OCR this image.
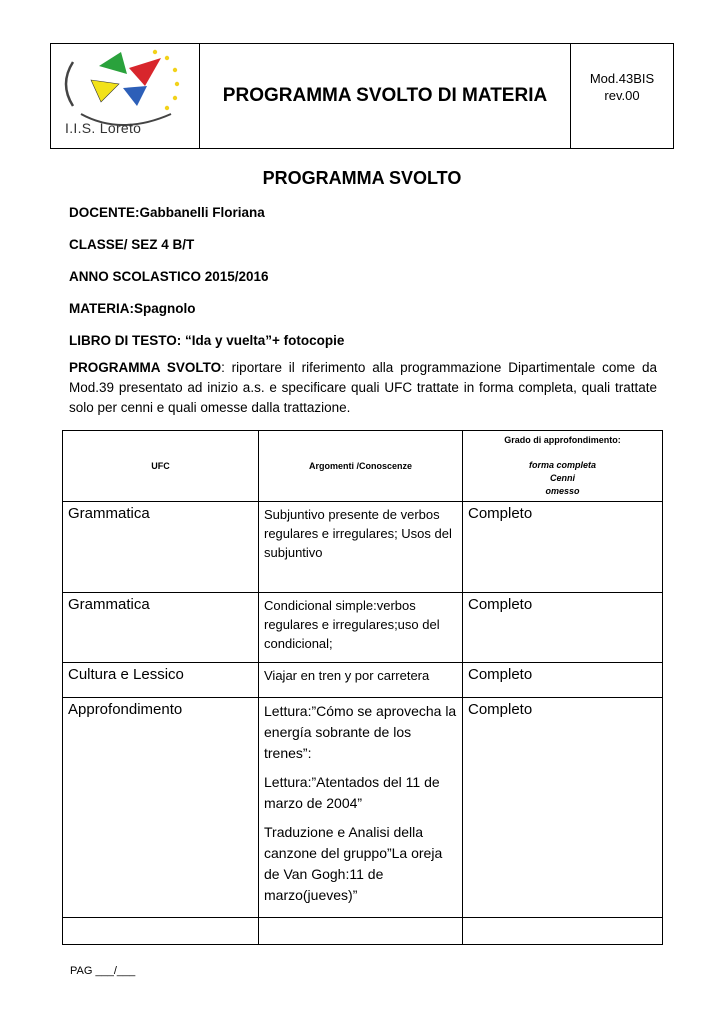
I.I.S. Loreto
PROGRAMMA SVOLTO DI MATERIA
Mod.43BIS
rev.00
PROGRAMMA SVOLTO
DOCENTE:Gabbanelli Floriana
CLASSE/ SEZ 4 B/T
ANNO SCOLASTICO 2015/2016
MATERIA:Spagnolo
LIBRO DI TESTO: “Ida y vuelta”+ fotocopie
PROGRAMMA SVOLTO: riportare il riferimento alla programmazione Dipartimentale come da Mod.39 presentato ad inizio a.s. e specificare quali UFC trattate in forma completa, quali trattate solo per cenni e quali omesse dalla trattazione.
UFC	Argomenti /Conoscenze	Grado di approfondimento:
forma completa
Cenni
omesso

Grammatica	Subjuntivo presente de verbos regulares e irregulares; Usos del subjuntivo	Completo
Grammatica	Condicional simple:verbos regulares e irregulares;uso del condicional;	Completo
Cultura e Lessico	Viajar en tren y por carretera	Completo
Approfondimento	Lettura:”Cómo se aprovecha la energía sobrante de los trenes”:
Lettura:”Atentados del 11 de marzo de 2004”
Traduzione e Analisi della canzone del gruppo”La oreja de Van Gogh:11 de marzo(jueves)”	Completo

PAG ___/___
